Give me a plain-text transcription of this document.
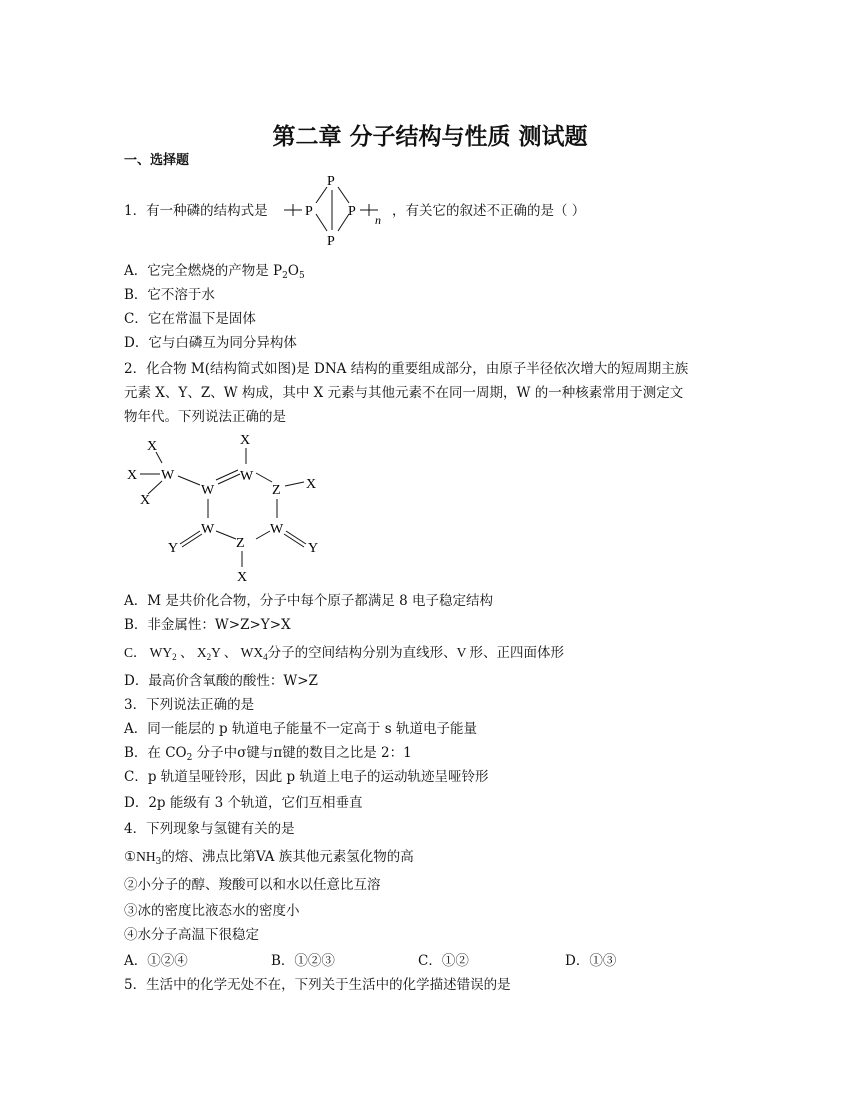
第二章 分子结构与性质 测试题
一、选择题
1．有一种磷的结构式是	P
P
P
P
n
，有关它的叙述不正确的是（ ）
A．它完全燃烧的产物是 $P_2O_5$
B．它不溶于水
C．它在常温下是固体
D．它与白磷互为同分异构体
2．化合物 M(结构简式如图)是 DNA 结构的重要组成部分，由原子半径依次增大的短周期主族
元素 X、Y、Z、W 构成，其中 X 元素与其他元素不在同一周期，W 的一种核素常用于测定文
物年代。下列说法正确的是
X
X
X
W
X
W
W	Z X
W	W
Z
Y	Y
X
A．M 是共价化合物，分子中每个原子都满足 8 电子稳定结构
B．非金属性：W>Z>Y>X
C． $WY_2$ 、 $X_2Y$ 、 $WX_4$分子的空间结构分别为直线形、V 形、正四面体形
D．最高价含氧酸的酸性：W>Z
3．下列说法正确的是
A．同一能层的 p 轨道电子能量不一定高于 s 轨道电子能量
B．在 $CO_2$ 分子中σ键与π键的数目之比是 2：1
C．p 轨道呈哑铃形，因此 p 轨道上电子的运动轨迹呈哑铃形
D．2p 能级有 3 个轨道，它们互相垂直
4．下列现象与氢键有关的是
$①NH_3$的熔、沸点比第VA 族其他元素氢化物的高
②小分子的醇、羧酸可以和水以任意比互溶
③冰的密度比液态水的密度小
④水分子高温下很稳定
A．①②④	B．①②③	C．①②	D．①③
5．生活中的化学无处不在，下列关于生活中的化学描述错误的是
